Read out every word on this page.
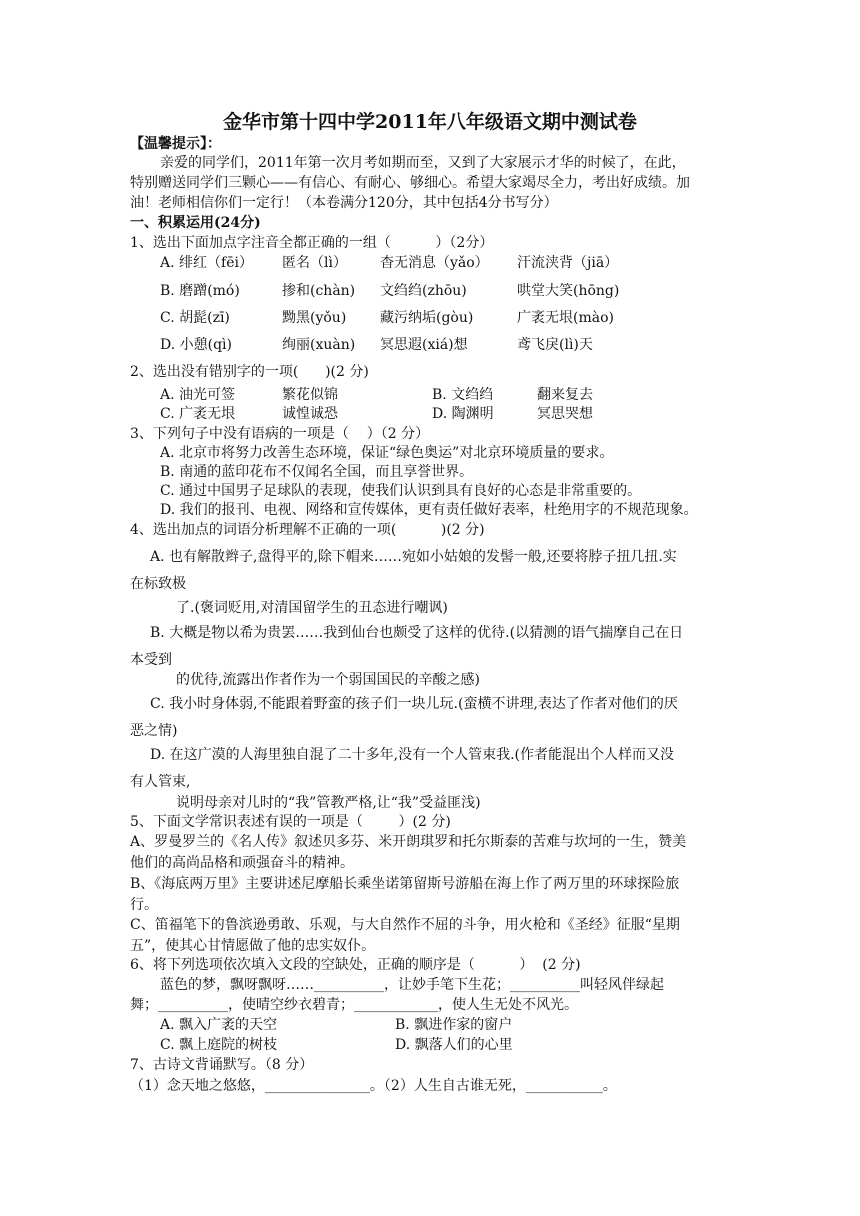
金华市第十四中学2011年八年级语文期中测试卷
【温馨提示】：
亲爱的同学们，2011年第一次月考如期而至，又到了大家展示才华的时候了，在此，
特别赠送同学们三颗心——有信心、有耐心、够细心。希望大家竭尽全力，考出好成绩。加
油！老师相信你们一定行！（本卷满分120分，其中包括4分书写分）
一、积累运用(24分)
1、选出下面加点字注音全都正确的一组（          ）（2分）
A. 绯红（fēi） 匿名（lì） 杳无消息（yǎo） 汗流浃背（jiā）
B. 磨蹭(mó)	掺和(chàn) 文绉绉(zhōu)	哄堂大笑(hōng)
C. 胡髭(zī)	黝黑(yǒu) 藏污纳垢(gòu)	广袤无垠(mào)
D. 小憩(qì)	绚丽(xuàn) 冥思遐(xiá)想	鸢飞戾(lì)天
2、选出没有错别字的一项(      )(2 分)
A. 油光可签	繁花似锦	B. 文绉绉	翻来复去
C. 广袤无垠	诚惶诚恐	D. 陶渊明	冥思哭想
3、下列句子中没有语病的一项是（    ）（2 分）
A. 北京市将努力改善生态环境，保证“绿色奥运”对北京环境质量的要求。
B. 南通的蓝印花布不仅闻名全国，而且享誉世界。
C. 通过中国男子足球队的表现，使我们认识到具有良好的心态是非常重要的。
D. 我们的报刊、电视、网络和宣传媒体，更有责任做好表率，杜绝用字的不规范现象。
4、选出加点的词语分析理解不正确的一项(          )(2 分)
A. 也有解散辫子,盘得平的,除下帽来……宛如小姑娘的发髻一般,还要将脖子扭几扭.实
在标致极
了.(褒词贬用,对清国留学生的丑态进行嘲讽)
B. 大概是物以希为贵罢……我到仙台也颇受了这样的优待.(以猜测的语气揣摩自己在日
本受到
的优待,流露出作者作为一个弱国国民的辛酸之感)
C. 我小时身体弱,不能跟着野蛮的孩子们一块儿玩.(蛮横不讲理,表达了作者对他们的厌
恶之情)
D. 在这广漠的人海里独自混了二十多年,没有一个人管束我.(作者能混出个人样而又没
有人管束,
说明母亲对儿时的“我”管教严格,让“我”受益匪浅)
5、下面文学常识表述有误的一项是（        ）(2 分)
A、罗曼罗兰的《名人传》叙述贝多芬、米开朗琪罗和托尔斯泰的苦难与坎坷的一生，赞美
他们的高尚品格和顽强奋斗的精神。
B、《海底两万里》主要讲述尼摩船长乘坐诺第留斯号游船在海上作了两万里的环球探险旅
行。
C、笛福笔下的鲁滨逊勇敢、乐观，与大自然作不屈的斗争，用火枪和《圣经》征服“星期
五”，使其心甘情愿做了他的忠实奴仆。
6、将下列选项依次填入文段的空缺处，正确的顺序是（          ）  (2 分)
蓝色的梦，飘呀飘呀……__________，让妙手笔下生花；__________叫轻风伴绿起
舞；__________，使晴空纱衣碧青；____________，使人生无处不风光。
A. 飘入广袤的天空	B. 飘进作家的窗户
C. 飘上庭院的树枝	D. 飘落人们的心里
7、古诗文背诵默写。（8 分）
（1）念天地之悠悠，_______________。（2）人生自古谁无死，___________。
